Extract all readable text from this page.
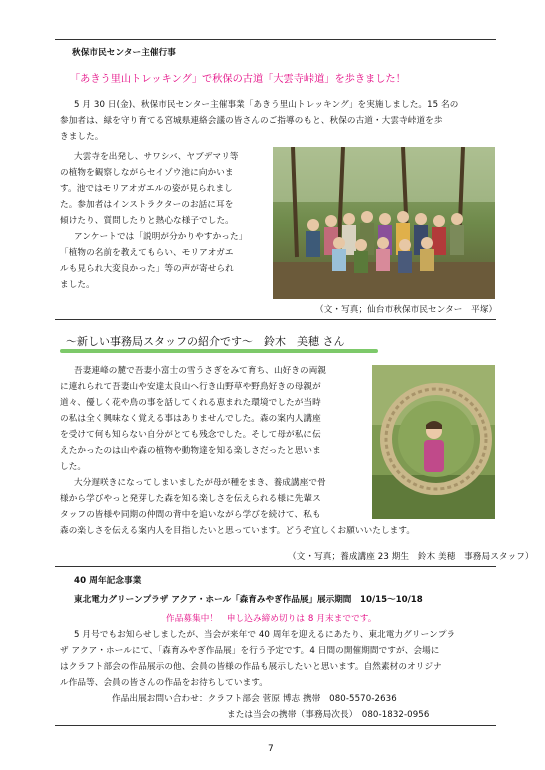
秋保市民センター主催行事
「あきう里山トレッキング」で秋保の古道「大雲寺峠道」を歩きました！
5 月 30 日(金)、秋保市民センター主催事業「あきう里山トレッキング」を実施しました。15 名の
参加者は、緑を守り育てる宮城県連絡会議の皆さんのご指導のもと、秋保の古道・大雲寺峠道を歩
きました。
大雲寺を出発し、サワシバ、ヤブデマリ等
の植物を観察しながらセイゾウ池に向かいま
す。池ではモリアオガエルの姿が見られまし
た。参加者はインストラクターのお話に耳を
傾けたり、質問したりと熱心な様子でした。
アンケートでは「説明が分かりやすかった」
「植物の名前を教えてもらい、モリアオガエ
ルも見られ大変良かった」等の声が寄せられ
ました。
（文・写真；仙台市秋保市民センター　平塚）
～新しい事務局スタッフの紹介です～　鈴木　美穂 さん
吾妻連峰の麓で吾妻小富士の雪うさぎをみて育ち、山好きの両親
に連れられて吾妻山や安達太良山へ行き山野草や野鳥好きの母親が
道々、優しく花や鳥の事を話してくれる恵まれた環境でしたが当時
の私は全く興味なく覚える事はありませんでした。森の案内人講座
を受けて何も知らない自分がとても残念でした。そして母が私に伝
えたかったのは山や森の植物や動物達を知る楽しさだったと思いま
した。
大分遅咲きになってしまいましたが母が種をまき、養成講座で骨
様から学びやっと発芽した森を知る楽しさを伝えられる様に先輩ス
タッフの皆様や同期の仲間の背中を追いながら学びを続けて、私も
森の楽しさを伝える案内人を目指したいと思っています。どうぞ宜しくお願いいたします。
（文・写真；養成講座 23 期生　鈴木 美穂　事務局スタッフ）
40 周年記念事業
東北電力グリーンプラザ アクア・ホール「森育みやぎ作品展」展示期間　10/15～10/18
作品募集中！　申し込み締め切りは 8 月末までです。
5 月号でもお知らせしましたが、当会が来年で 40 周年を迎えるにあたり、東北電力グリーンプラ
ザ アクア・ホールにて、「森育みやぎ作品展」を行う予定です。4 日間の開催期間ですが、会場に
はクラフト部会の作品展示の他、会員の皆様の作品も展示したいと思います。自然素材のオリジナ
ル作品等、会員の皆さんの作品をお待ちしています。
作品出展お問い合わせ：クラフト部会 菅原 博志 携帯　080-5570-2636
または当会の携帯（事務局次長）　080-1832-0956
7
